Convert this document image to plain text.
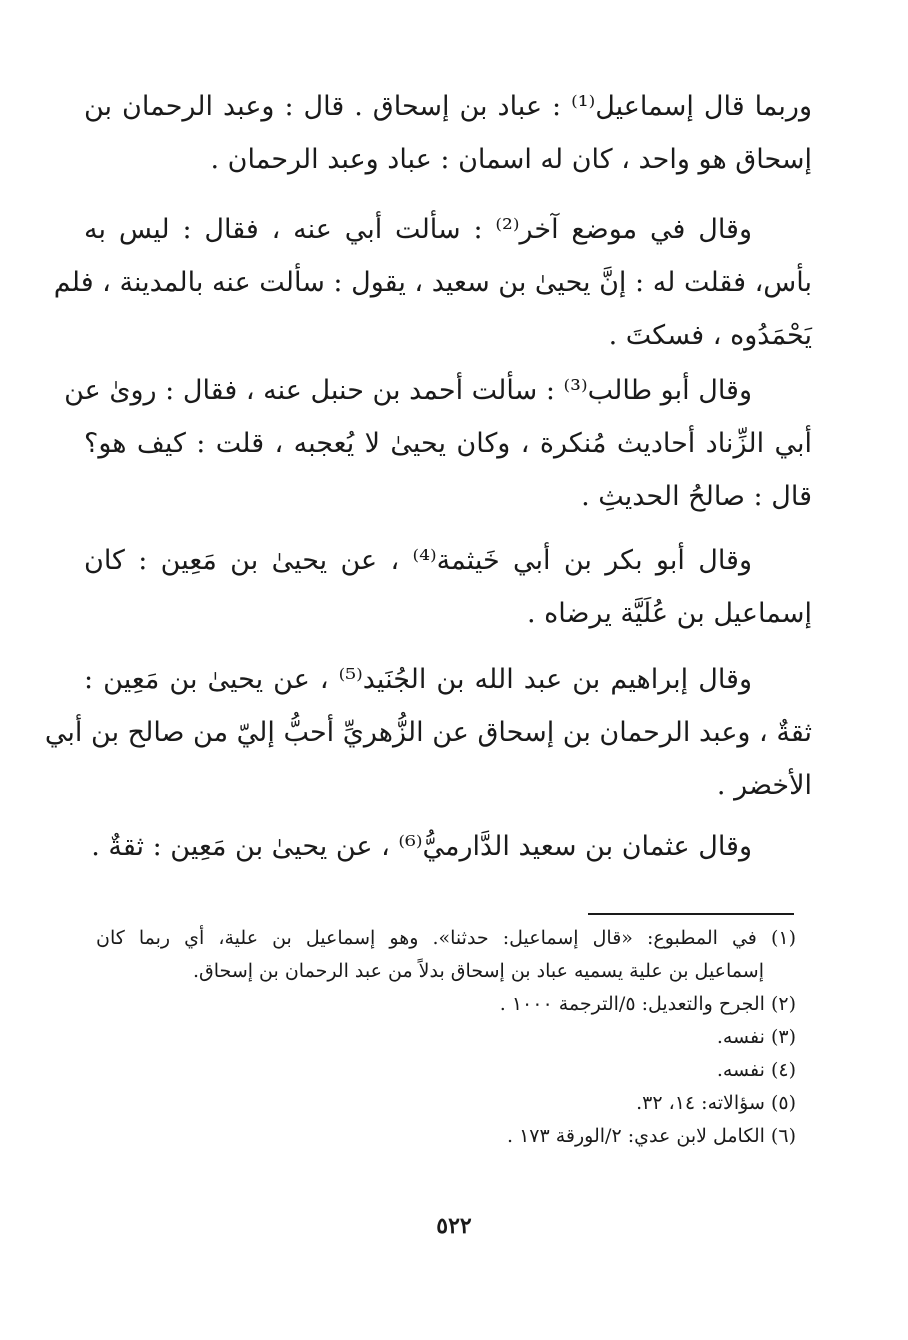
وربما قال إسماعيل⁽¹⁾ : عباد بن إسحاق . قال : وعبد الرحمان بن
إسحاق هو واحد ، كان له اسمان : عباد وعبد الرحمان .
وقال في موضع آخر⁽²⁾ : سألت أبي عنه ، فقال : ليس به
بأس، فقلت له : إنَّ يحيىٰ بن سعيد ، يقول : سألت عنه بالمدينة ، فلم
يَحْمَدُوه ، فسكتَ .
وقال أبو طالب⁽³⁾ : سألت أحمد بن حنبل عنه ، فقال : روىٰ عن
أبي الزِّناد أحاديث مُنكرة ، وكان يحيىٰ لا يُعجبه ، قلت : كيف هو؟
قال : صالحُ الحديثِ .
وقال أبو بكر بن أبي خَيثمة⁽⁴⁾ ، عن يحيىٰ بن مَعِين : كان
إسماعيل بن عُلَيَّة يرضاه .
وقال إبراهيم بن عبد الله بن الجُنَيد⁽⁵⁾ ، عن يحيىٰ بن مَعِين :
ثقةٌ ، وعبد الرحمان بن إسحاق عن الزُّهريِّ أحبُّ إليّ من صالح بن أبي
الأخضر .
وقال عثمان بن سعيد الدَّارميُّ⁽⁶⁾ ، عن يحيىٰ بن مَعِين : ثقةٌ .
(١) في المطبوع: «قال إسماعيل: حدثنا». وهو إسماعيل بن علية، أي ربما كان
إسماعيل بن علية يسميه عباد بن إسحاق بدلاً من عبد الرحمان بن إسحاق.
(٢) الجرح والتعديل: ٥/الترجمة ١٠٠٠ .
(٣) نفسه.
(٤) نفسه.
(٥) سؤالاته: ١٤، ٣٢.
(٦) الكامل لابن عدي: ٢/الورقة ١٧٣ .
٥٢٢
